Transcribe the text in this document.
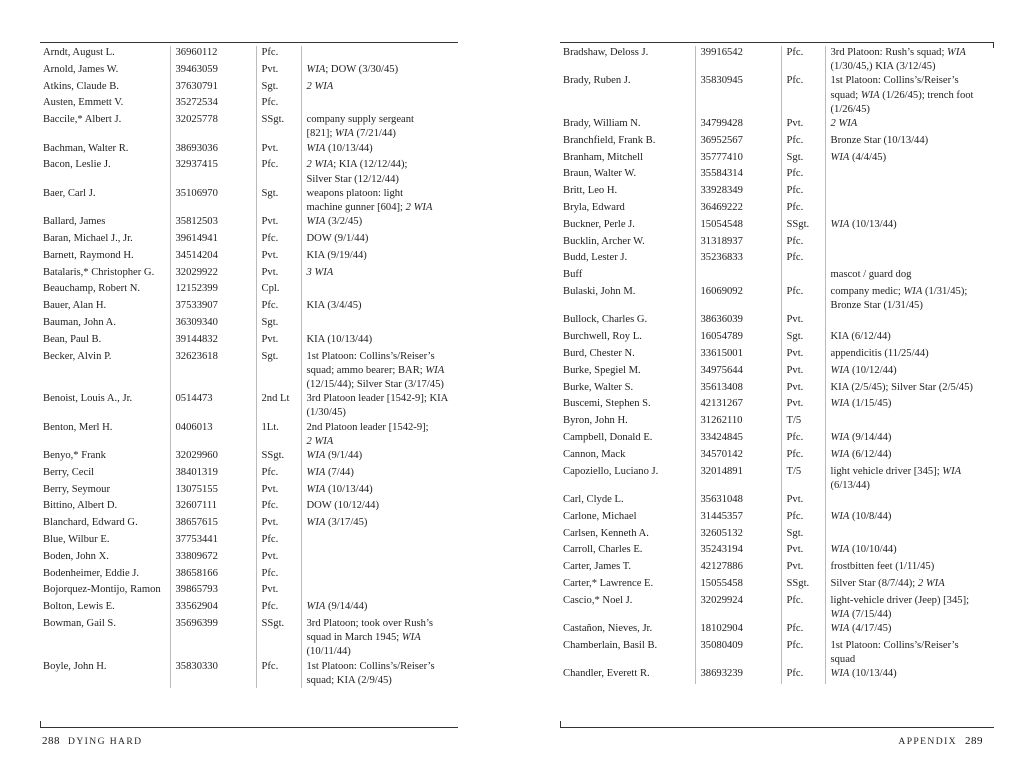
Arndt, August L.	36960112	Pfc.	
Arnold, James W.	39463059	Pvt.	WIA; DOW (3/30/45)
Atkins, Claude B.	37630791	Sgt.	2 WIA
Austen, Emmett V.	35272534	Pfc.	
Baccile,* Albert J.	32025778	SSgt.	company supply sergeant
[821]; WIA (7/21/44)
Bachman, Walter R.	38693036	Pvt.	WIA (10/13/44)
Bacon, Leslie J.	32937415	Pfc.	2 WIA; KIA (12/12/44);
Silver Star (12/12/44)
Baer, Carl J.	35106970	Sgt.	weapons platoon: light
machine gunner [604]; 2 WIA
Ballard, James	35812503	Pvt.	WIA (3/2/45)
Baran, Michael J., Jr.	39614941	Pfc.	DOW (9/1/44)
Barnett, Raymond H.	34514204	Pvt.	KIA (9/19/44)
Batalaris,* Christopher G.	32029922	Pvt.	3 WIA
Beauchamp, Robert N.	12152399	Cpl.	
Bauer, Alan H.	37533907	Pfc.	KIA (3/4/45)
Bauman, John A.	36309340	Sgt.	
Bean, Paul B.	39144832	Pvt.	KIA (10/13/44)
Becker, Alvin P.	32623618	Sgt.	1st Platoon: Collins’s/Reiser’s
squad; ammo bearer; BAR; WIA
(12/15/44); Silver Star (3/17/45)
Benoist, Louis A., Jr.	0514473	2nd Lt	3rd Platoon leader [1542-9]; KIA
(1/30/45)
Benton, Merl H.	0406013	1Lt.	2nd Platoon leader [1542-9];
2 WIA
Benyo,* Frank	32029960	SSgt.	WIA (9/1/44)
Berry, Cecil	38401319	Pfc.	WIA (7/44)
Berry, Seymour	13075155	Pvt.	WIA (10/13/44)
Bittino, Albert D.	32607111	Pfc.	DOW (10/12/44)
Blanchard, Edward G.	38657615	Pvt.	WIA (3/17/45)
Blue, Wilbur E.	37753441	Pfc.	
Boden, John X.	33809672	Pvt.	
Bodenheimer, Eddie J.	38658166	Pfc.	
Bojorquez-Montijo, Ramon	39865793	Pvt.	
Bolton, Lewis E.	33562904	Pfc.	WIA (9/14/44)
Bowman, Gail S.	35696399	SSgt.	3rd Platoon; took over Rush’s
squad in March 1945; WIA
(10/11/44)
Boyle, John H.	35830330	Pfc.	1st Platoon: Collins’s/Reiser’s
squad; KIA (2/9/45)
288 DYING HARD
Bradshaw, Deloss J.	39916542	Pfc.	3rd Platoon: Rush’s squad; WIA
(1/30/45,) KIA (3/12/45)
Brady, Ruben J.	35830945	Pfc.	1st Platoon: Collins’s/Reiser’s
squad; WIA (1/26/45); trench foot
(1/26/45)
Brady, William N.	34799428	Pvt.	2 WIA
Branchfield, Frank B.	36952567	Pfc.	Bronze Star (10/13/44)
Branham, Mitchell	35777410	Sgt.	WIA (4/4/45)
Braun, Walter W.	35584314	Pfc.	
Britt, Leo H.	33928349	Pfc.	
Bryla, Edward	36469222	Pfc.	
Buckner, Perle J.	15054548	SSgt.	WIA (10/13/44)
Bucklin, Archer W.	31318937	Pfc.	
Budd, Lester J.	35236833	Pfc.	
Buff			mascot / guard dog
Bulaski, John M.	16069092	Pfc.	company medic; WIA (1/31/45);
Bronze Star (1/31/45)
Bullock, Charles G.	38636039	Pvt.	
Burchwell, Roy L.	16054789	Sgt.	KIA (6/12/44)
Burd, Chester N.	33615001	Pvt.	appendicitis (11/25/44)
Burke, Spegiel M.	34975644	Pvt.	WIA (10/12/44)
Burke, Walter S.	35613408	Pvt.	KIA (2/5/45); Silver Star (2/5/45)
Buscemi, Stephen S.	42131267	Pvt.	WIA (1/15/45)
Byron, John H.	31262110	T/5	
Campbell, Donald E.	33424845	Pfc.	WIA (9/14/44)
Cannon, Mack	34570142	Pfc.	WIA (6/12/44)
Capoziello, Luciano J.	32014891	T/5	light vehicle driver [345]; WIA
(6/13/44)
Carl, Clyde L.	35631048	Pvt.	
Carlone, Michael	31445357	Pfc.	WIA (10/8/44)
Carlsen, Kenneth A.	32605132	Sgt.	
Carroll, Charles E.	35243194	Pvt.	WIA (10/10/44)
Carter, James T.	42127886	Pvt.	frostbitten feet (1/11/45)
Carter,* Lawrence E.	15055458	SSgt.	Silver Star (8/7/44); 2 WIA
Cascio,* Noel J.	32029924	Pfc.	light-vehicle driver (Jeep) [345];
WIA (7/15/44)
Castañon, Nieves, Jr.	18102904	Pfc.	WIA (4/17/45)
Chamberlain, Basil B.	35080409	Pfc.	1st Platoon: Collins’s/Reiser’s
squad
Chandler, Everett R.	38693239	Pfc.	WIA (10/13/44)
APPENDIX 289
